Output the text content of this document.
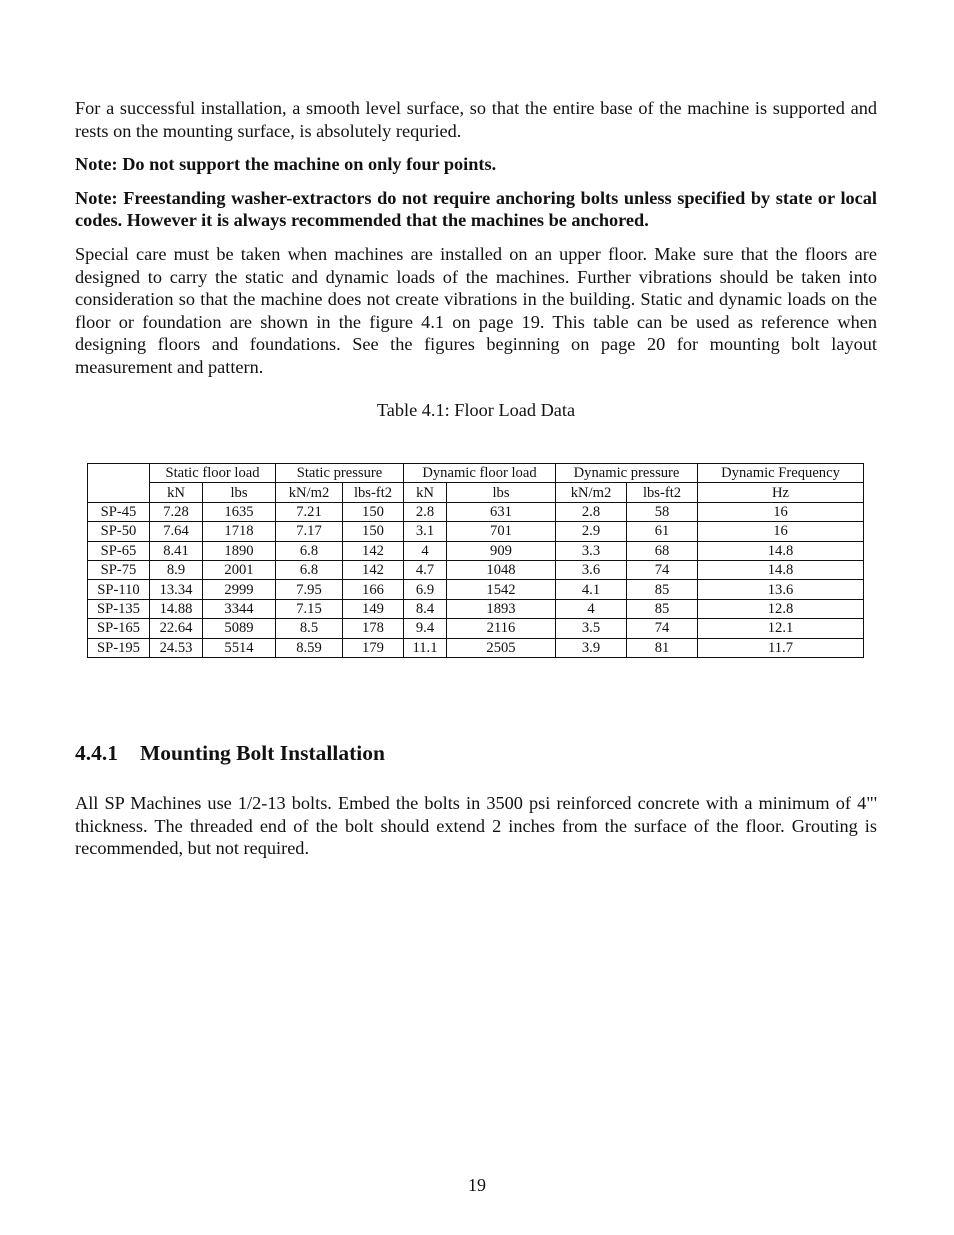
For a successful installation, a smooth level surface, so that the entire base of the machine is supported and rests on the mounting surface, is absolutely requried.

Note: Do not support the machine on only four points.

Note: Freestanding washer-extractors do not require anchoring bolts unless specified by state or local codes. However it is always recommended that the machines be anchored.

Special care must be taken when machines are installed on an upper floor. Make sure that the floors are designed to carry the static and dynamic loads of the machines. Further vibrations should be taken into consideration so that the machine does not create vibrations in the building. Static and dynamic loads on the floor or foundation are shown in the figure 4.1 on page 19. This table can be used as reference when designing floors and foundations. See the figures beginning on page 20 for mounting bolt layout measurement and pattern.

Table 4.1: Floor Load Data
	Static floor load		Static pressure		Dynamic floor load		Dynamic pressure		Dynamic Frequency
	kN	lbs	kN/m2	lbs-ft2	kN	lbs	kN/m2	lbs-ft2	Hz
SP-45	7.28	1635	7.21	150	2.8	631	2.8	58	16
SP-50	7.64	1718	7.17	150	3.1	701	2.9	61	16
SP-65	8.41	1890	6.8	142	4	909	3.3	68	14.8
SP-75	8.9	2001	6.8	142	4.7	1048	3.6	74	14.8
SP-110	13.34	2999	7.95	166	6.9	1542	4.1	85	13.6
SP-135	14.88	3344	7.15	149	8.4	1893	4	85	12.8
SP-165	22.64	5089	8.5	178	9.4	2116	3.5	74	12.1
SP-195	24.53	5514	8.59	179	11.1	2505	3.9	81	11.7
4.4.1 Mounting Bolt Installation

All SP Machines use 1/2-13 bolts. Embed the bolts in 3500 psi reinforced concrete with a minimum of 4"' thickness. The threaded end of the bolt should extend 2 inches from the surface of the floor. Grouting is recommended, but not required.

19
